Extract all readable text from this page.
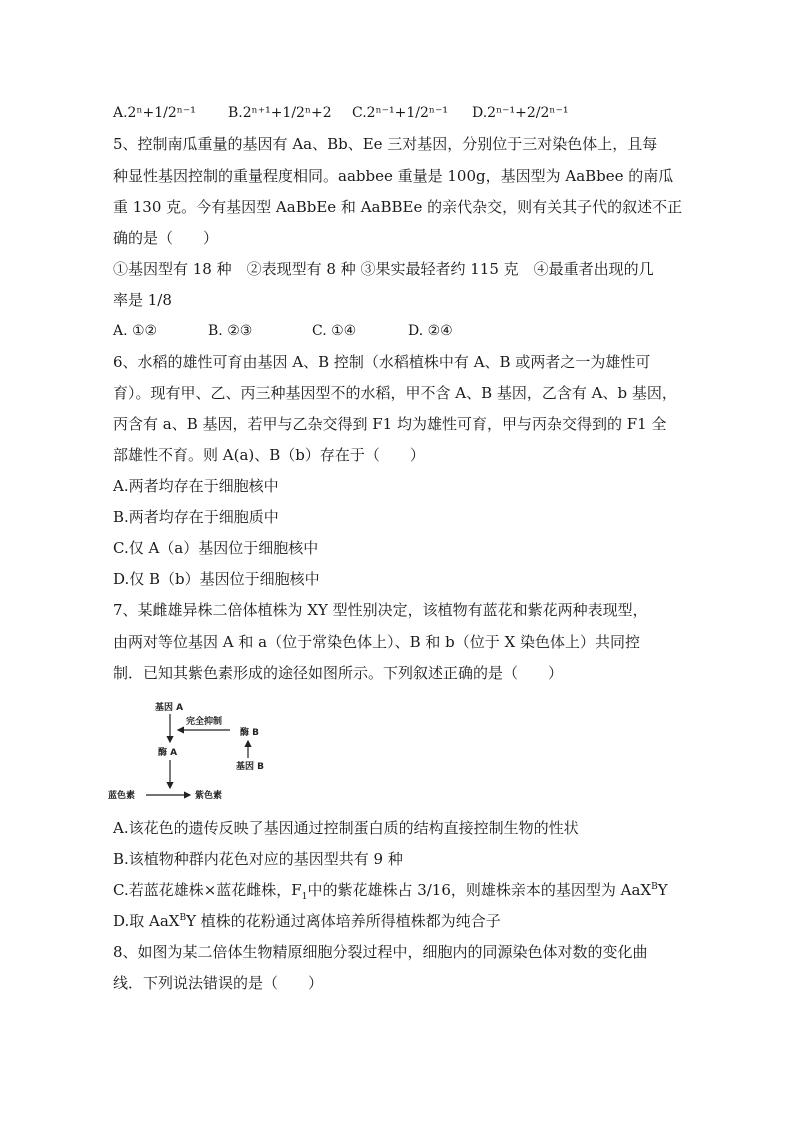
A.2ⁿ+1/2ⁿ⁻¹ B.2ⁿ⁺¹+1/2ⁿ+2 C.2ⁿ⁻¹+1/2ⁿ⁻¹ D.2ⁿ⁻¹+2/2ⁿ⁻¹
5、控制南瓜重量的基因有 Aa、Bb、Ee 三对基因，分别位于三对染色体上，且每
种显性基因控制的重量程度相同。aabbee 重量是 100g，基因型为 AaBbee 的南瓜
重 130 克。今有基因型 AaBbEe 和 AaBBEe 的亲代杂交，则有关其子代的叙述不正
确的是（　　）
①基因型有 18 种　②表现型有 8 种 ③果实最轻者约 115 克　④最重者出现的几
率是 1/8
A. ①②	B. ②③	C. ①④	D. ②④
6、水稻的雄性可育由基因 A、B 控制（水稻植株中有 A、B 或两者之一为雄性可
育）。现有甲、乙、丙三种基因型不的水稻，甲不含 A、B 基因，乙含有 A、b 基因，
丙含有 a、B 基因，若甲与乙杂交得到 F1 均为雄性可育，甲与丙杂交得到的 F1 全
部雄性不育。则 A(a)、B（b）存在于（　　）
A.两者均存在于细胞核中
B.两者均存在于细胞质中
C.仅 A（a）基因位于细胞核中
D.仅 B（b）基因位于细胞核中
7、某雌雄异株二倍体植株为 XY 型性别决定，该植物有蓝花和紫花两种表现型，
由两对等位基因 A 和 a（位于常染色体上）、B 和 b（位于 X 染色体上）共同控
制．已知其紫色素形成的途径如图所示。下列叙述正确的是（　　）
基因 A
完全抑制
酶 B
酶 A
基因 B
蓝色素	紫色素
A.该花色的遗传反映了基因通过控制蛋白质的结构直接控制生物的性状
B.该植物种群内花色对应的基因型共有 9 种
C.若蓝花雄株×蓝花雌株，$F_1$中的紫花雄株占 3/16，则雄株亲本的基因型为 AaX$^B$Y
D.取 AaX$^B$Y 植株的花粉通过离体培养所得植株都为纯合子
8、如图为某二倍体生物精原细胞分裂过程中，细胞内的同源染色体对数的变化曲
线．下列说法错误的是（　　）
